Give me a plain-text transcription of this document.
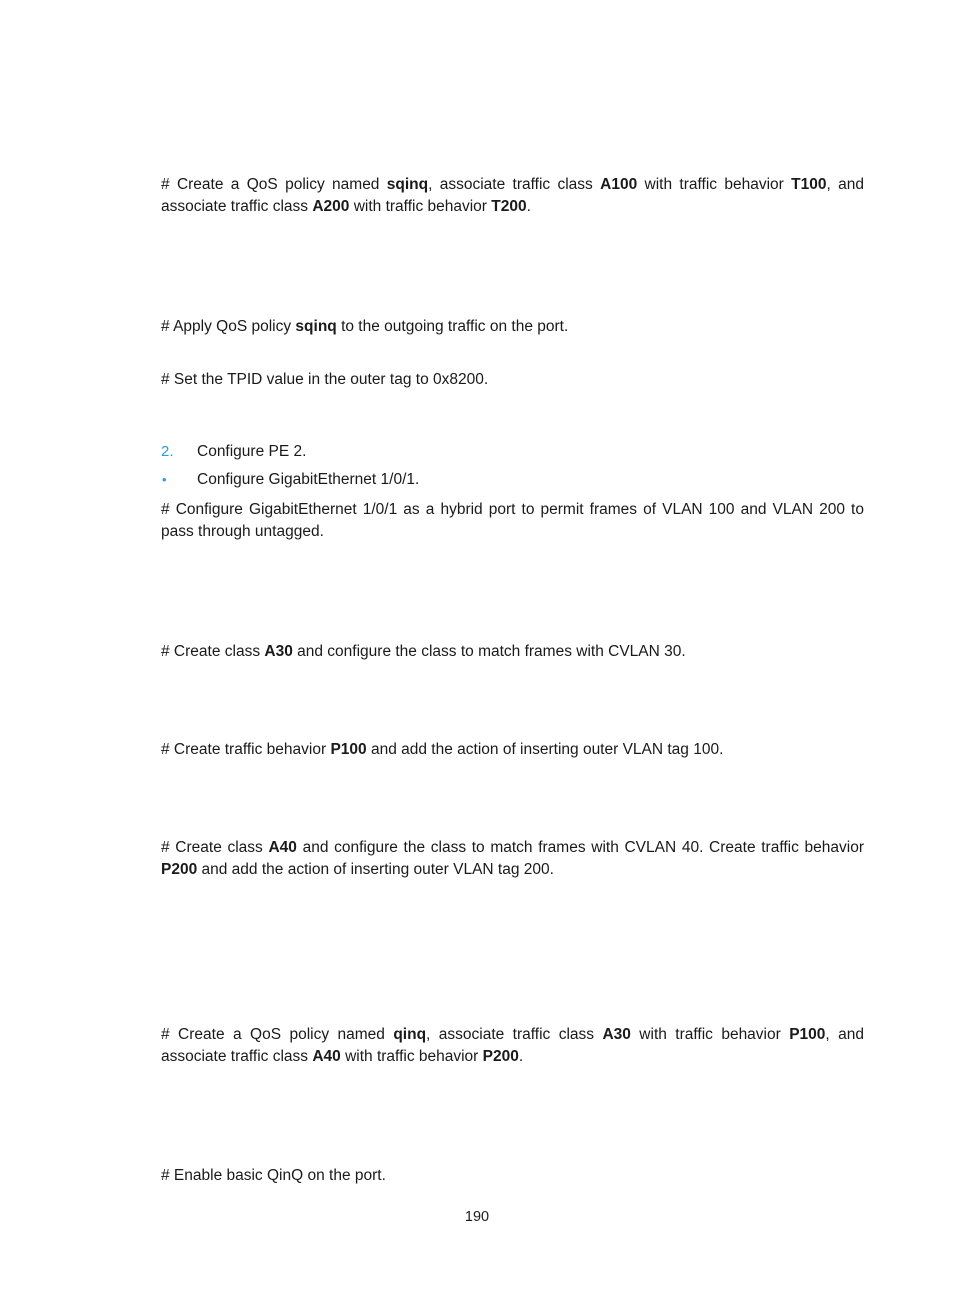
# Create a QoS policy named sqinq, associate traffic class A100 with traffic behavior T100, and associate traffic class A200 with traffic behavior T200.

# Apply QoS policy sqinq to the outgoing traffic on the port.

# Set the TPID value in the outer tag to 0x8200.

2. Configure PE 2.
• Configure GigabitEthernet 1/0/1.

# Configure GigabitEthernet 1/0/1 as a hybrid port to permit frames of VLAN 100 and VLAN 200 to pass through untagged.

# Create class A30 and configure the class to match frames with CVLAN 30.

# Create traffic behavior P100 and add the action of inserting outer VLAN tag 100.

# Create class A40 and configure the class to match frames with CVLAN 40. Create traffic behavior P200 and add the action of inserting outer VLAN tag 200.

# Create a QoS policy named qinq, associate traffic class A30 with traffic behavior P100, and associate traffic class A40 with traffic behavior P200.

# Enable basic QinQ on the port.

190
